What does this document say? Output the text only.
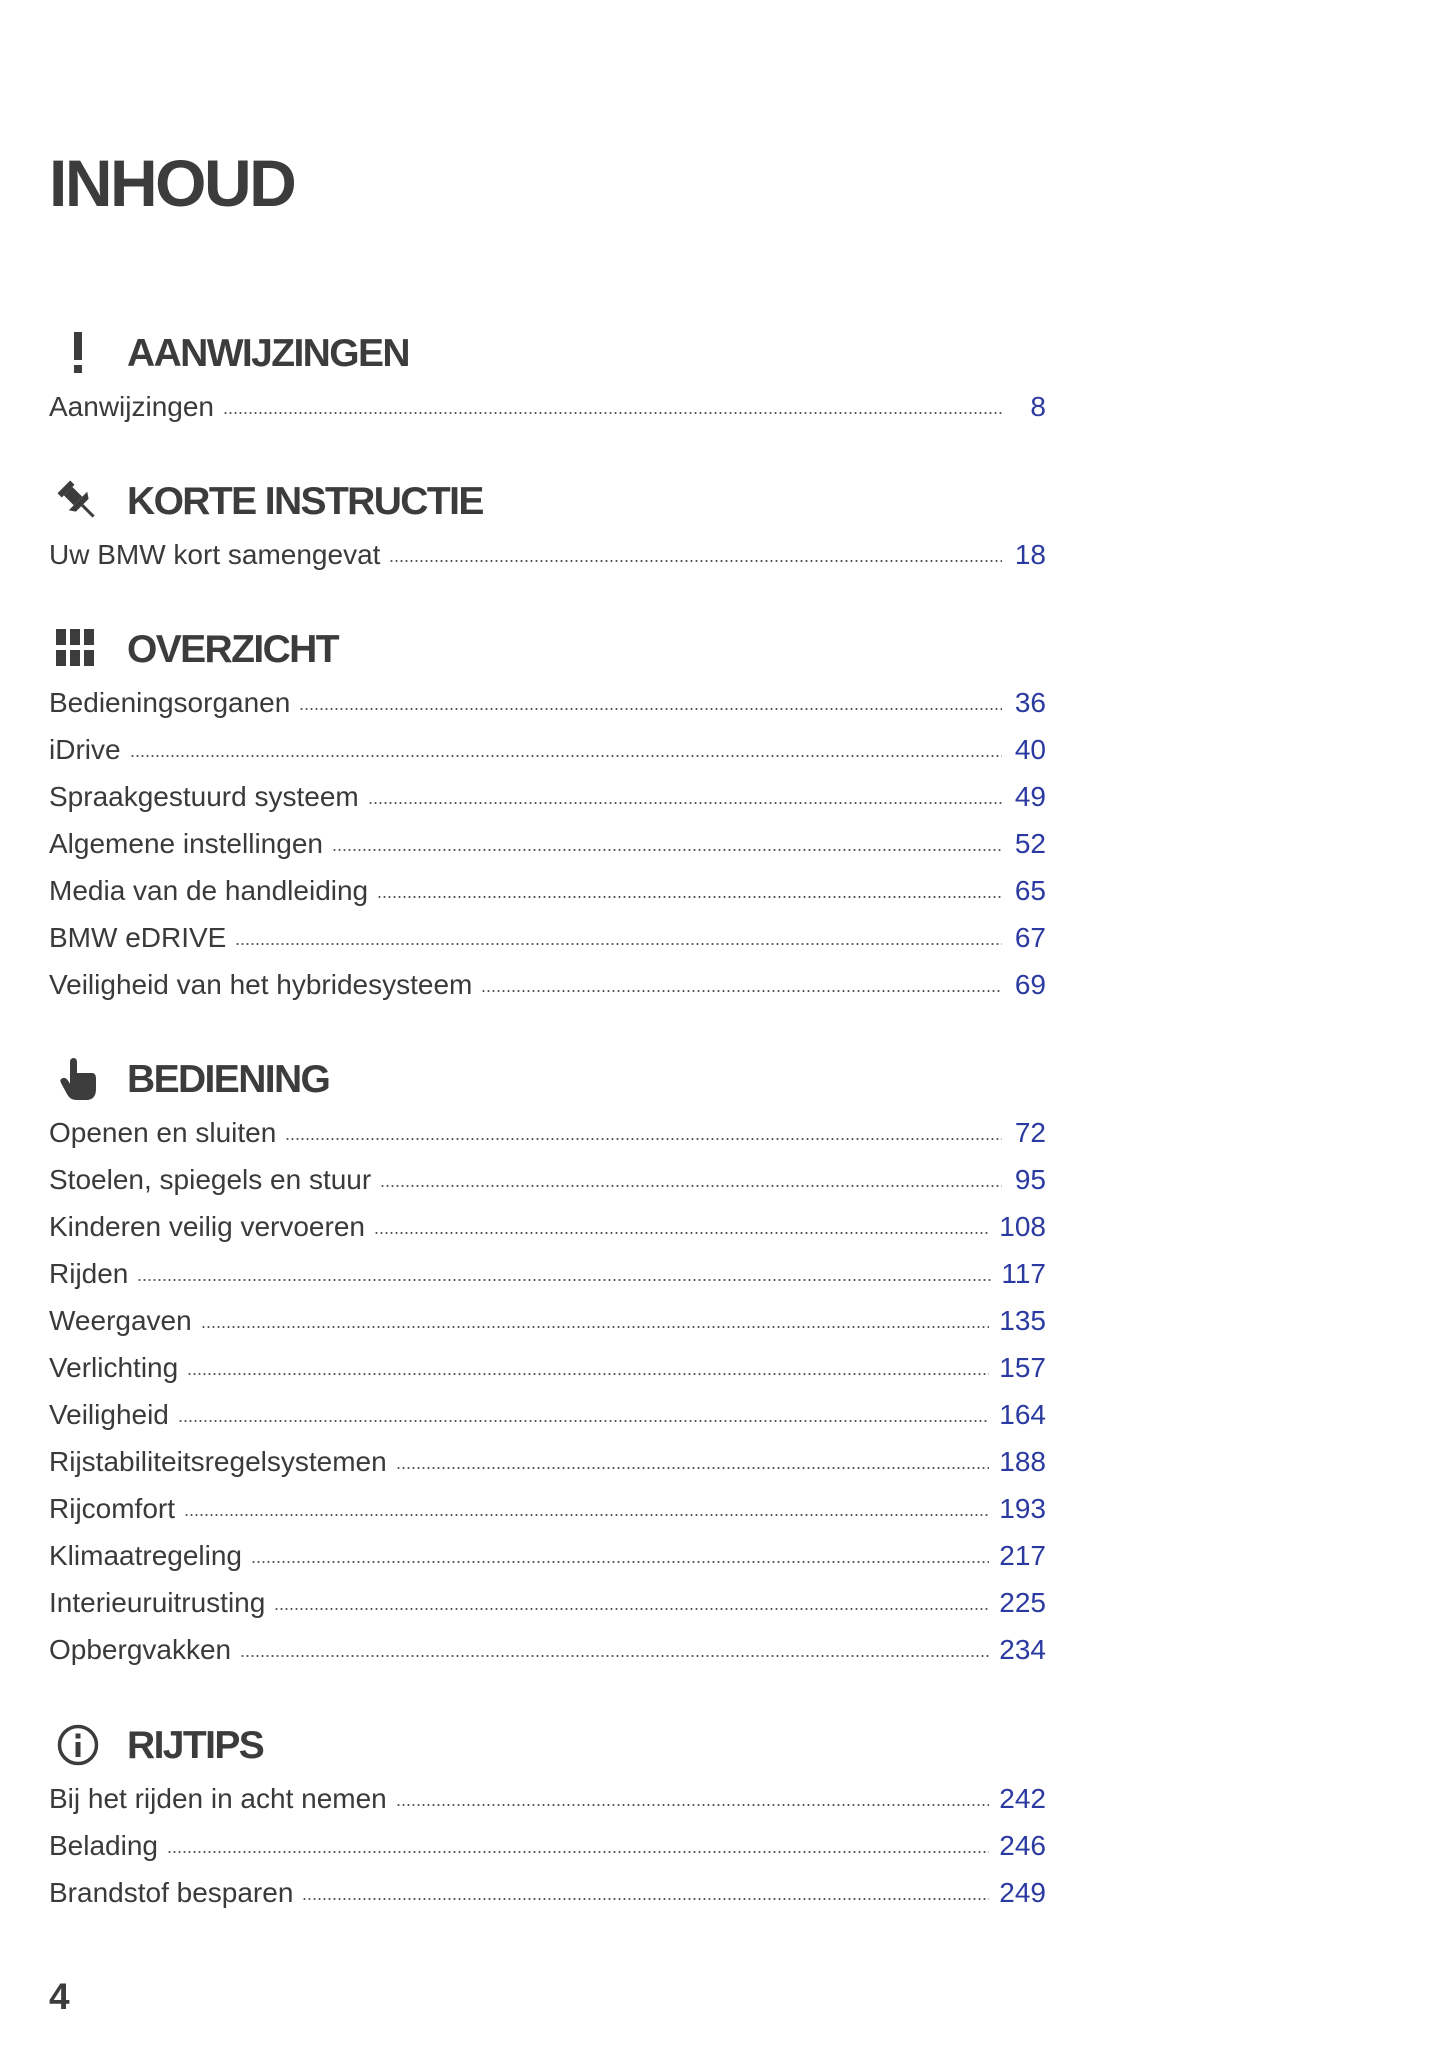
INHOUD
AANWIJZINGEN
Aanwijzingen	8
KORTE INSTRUCTIE
Uw BMW kort samengevat	18
OVERZICHT
Bedieningsorganen	36
iDrive	40
Spraakgestuurd systeem	49
Algemene instellingen	52
Media van de handleiding	65
BMW eDRIVE	67
Veiligheid van het hybridesysteem	69
BEDIENING
Openen en sluiten	72
Stoelen, spiegels en stuur	95
Kinderen veilig vervoeren	108
Rijden	117
Weergaven	135
Verlichting	157
Veiligheid	164
Rijstabiliteitsregelsystemen	188
Rijcomfort	193
Klimaatregeling	217
Interieuruitrusting	225
Opbergvakken	234
RIJTIPS
Bij het rijden in acht nemen	242
Belading	246
Brandstof besparen	249
4
